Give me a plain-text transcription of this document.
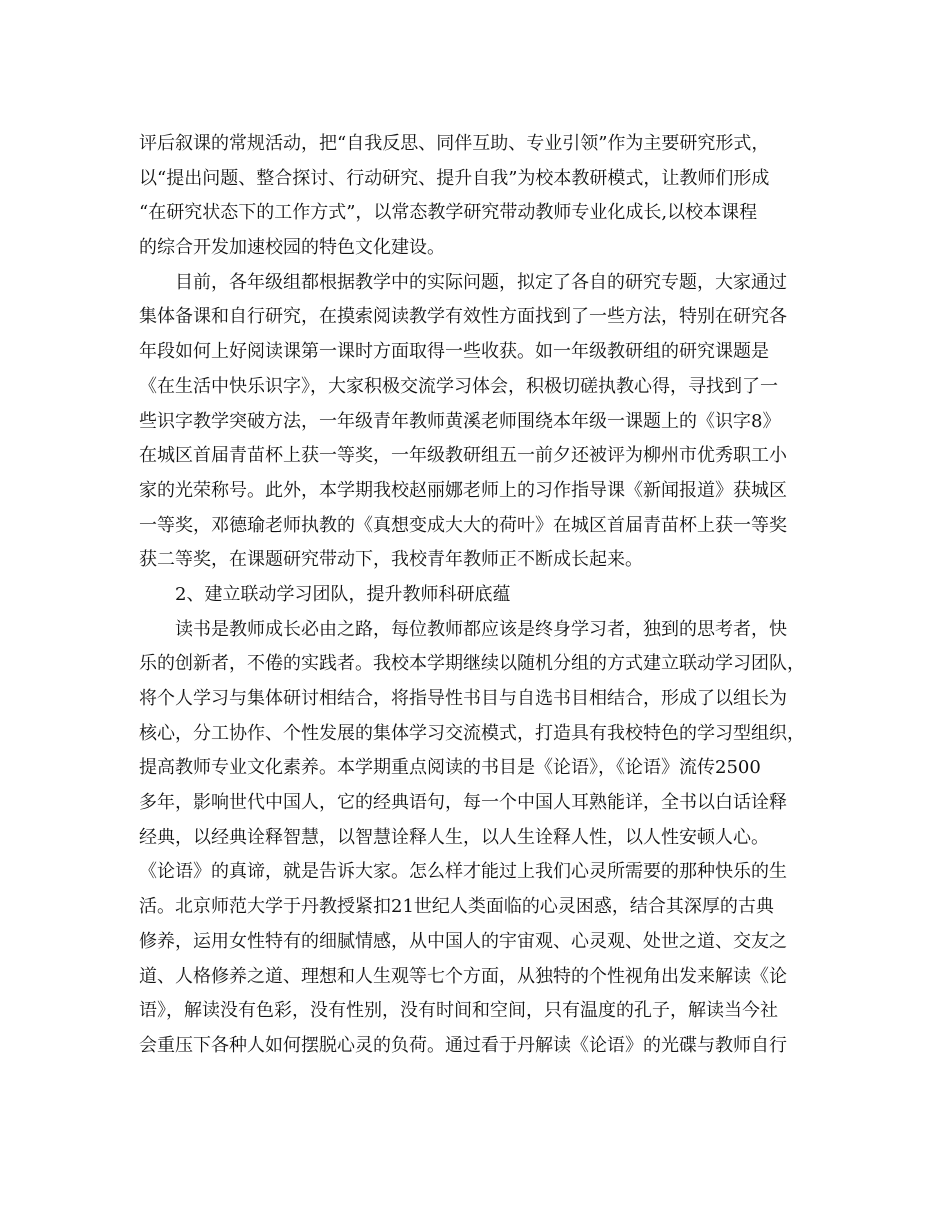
评后叙课的常规活动，把“自我反思、同伴互助、专业引领”作为主要研究形式，
以“提出问题、整合探讨、行动研究、提升自我”为校本教研模式，让教师们形成
“在研究状态下的工作方式”，以常态教学研究带动教师专业化成长,以校本课程
的综合开发加速校园的特色文化建设。
目前，各年级组都根据教学中的实际问题，拟定了各自的研究专题，大家通过
集体备课和自行研究，在摸索阅读教学有效性方面找到了一些方法，特别在研究各
年段如何上好阅读课第一课时方面取得一些收获。如一年级教研组的研究课题是
《在生活中快乐识字》，大家积极交流学习体会，积极切磋执教心得，寻找到了一
些识字教学突破方法，一年级青年教师黄溪老师围绕本年级一课题上的《识字8》
在城区首届青苗杯上获一等奖，一年级教研组五一前夕还被评为柳州市优秀职工小
家的光荣称号。此外，本学期我校赵丽娜老师上的习作指导课《新闻报道》获城区
一等奖，邓德瑜老师执教的《真想变成大大的荷叶》在城区首届青苗杯上获一等奖
获二等奖，在课题研究带动下，我校青年教师正不断成长起来。
2、建立联动学习团队，提升教师科研底蕴
读书是教师成长必由之路，每位教师都应该是终身学习者，独到的思考者，快
乐的创新者，不倦的实践者。我校本学期继续以随机分组的方式建立联动学习团队，
将个人学习与集体研讨相结合，将指导性书目与自选书目相结合，形成了以组长为
核心，分工协作、个性发展的集体学习交流模式，打造具有我校特色的学习型组织，
提高教师专业文化素养。本学期重点阅读的书目是《论语》，《论语》流传2500
多年，影响世代中国人，它的经典语句，每一个中国人耳熟能详，全书以白话诠释
经典，以经典诠释智慧，以智慧诠释人生，以人生诠释人性，以人性安顿人心。
《论语》的真谛，就是告诉大家。怎么样才能过上我们心灵所需要的那种快乐的生
活。北京师范大学于丹教授紧扣21世纪人类面临的心灵困惑，结合其深厚的古典
修养，运用女性特有的细腻情感，从中国人的宇宙观、心灵观、处世之道、交友之
道、人格修养之道、理想和人生观等七个方面，从独特的个性视角出发来解读《论
语》，解读没有色彩，没有性别，没有时间和空间，只有温度的孔子，解读当今社
会重压下各种人如何摆脱心灵的负荷。通过看于丹解读《论语》的光碟与教师自行
